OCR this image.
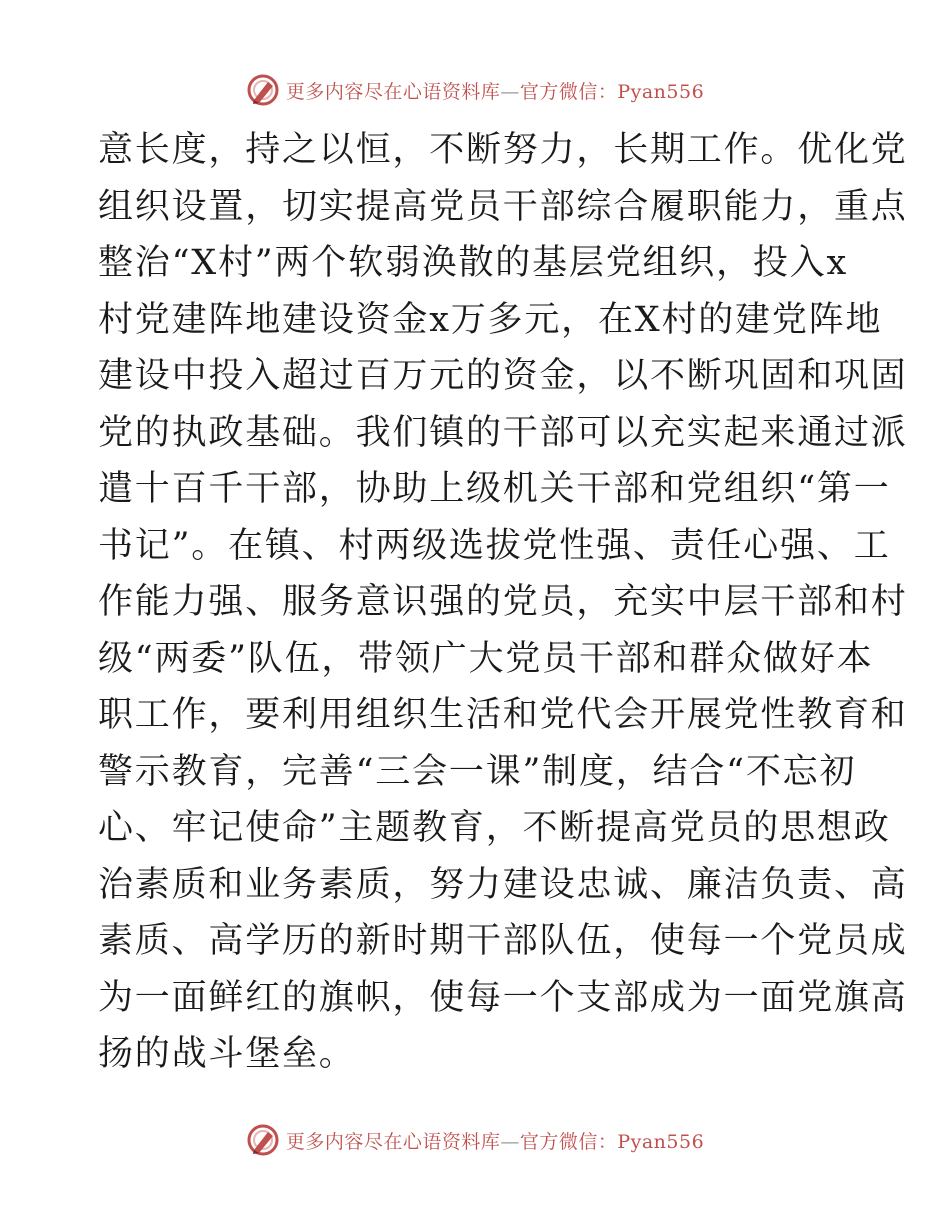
更多内容尽在心语资料库—官方微信：Pyan556
意长度，持之以恒，不断努力，长期工作。优化党
组织设置，切实提高党员干部综合履职能力，重点
整治“X村”两个软弱涣散的基层党组织，投入x
村党建阵地建设资金x万多元，在X村的建党阵地
建设中投入超过百万元的资金，以不断巩固和巩固
党的执政基础。我们镇的干部可以充实起来通过派
遣十百千干部，协助上级机关干部和党组织“第一
书记”。在镇、村两级选拔党性强、责任心强、工
作能力强、服务意识强的党员，充实中层干部和村
级“两委”队伍，带领广大党员干部和群众做好本
职工作，要利用组织生活和党代会开展党性教育和
警示教育，完善“三会一课”制度，结合“不忘初
心、牢记使命”主题教育，不断提高党员的思想政
治素质和业务素质，努力建设忠诚、廉洁负责、高
素质、高学历的新时期干部队伍，使每一个党员成
为一面鲜红的旗帜，使每一个支部成为一面党旗高
扬的战斗堡垒。
更多内容尽在心语资料库—官方微信：Pyan556
